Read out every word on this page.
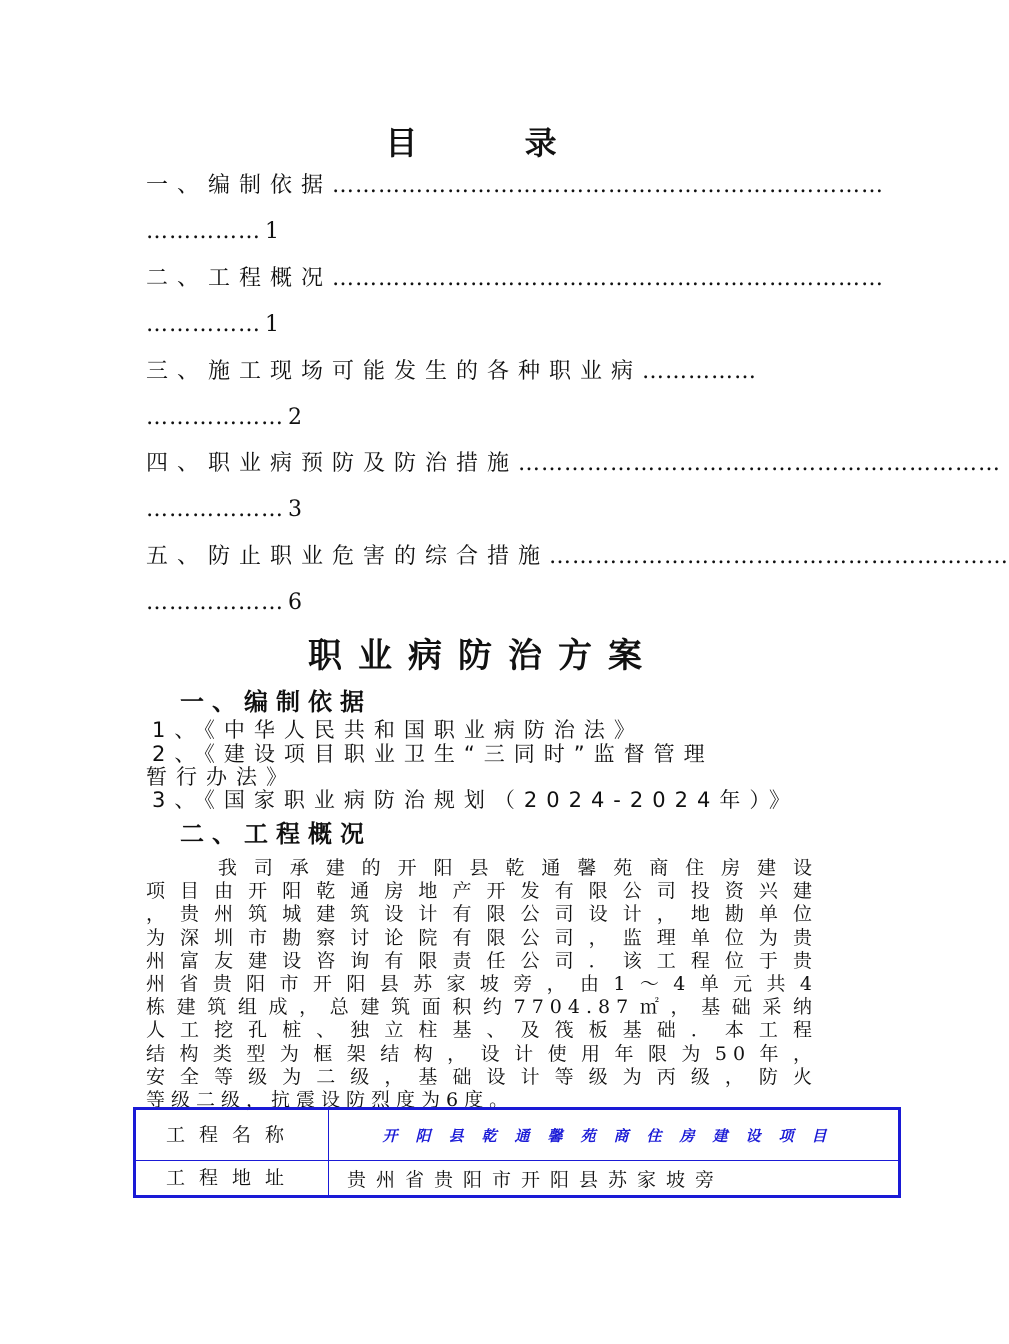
目 录
一、编制依据………………………………………………………………
…………… 1
二、工程概况………………………………………………………………
…………… 1
三、施工现场可能发生的各种职业病……………
……………… 2
四、职业病预防及防治措施………………………………………………………
……………… 3
五、防止职业危害的综合措施……………………………………………………
……………… 6
职业病防治方案
一、编制依据
1、《中华人民共和国职业病防治法》
2、《建设项目职业卫生“三同时”监督管理
暂行办法》
3、《国家职业病防治规划（2024-2024年）》
二、工程概况
　　我司承建的开阳县乾通馨苑商住房建设
项目由开阳乾通房地产开发有限公司投资兴建
，贵州筑城建筑设计有限公司设计，地勘单位
为深圳市勘察讨论院有限公司，监理单位为贵
州富友建设咨询有限责任公司．该工程位于贵
州省贵阳市开阳县苏家坡旁，由1～4单元共4
栋建筑组成，总建筑面积约7704.87㎡，基础采纳
人工挖孔桩、独立柱基、及筏板基础．本工程
结构类型为框架结构，设计使用年限为50年，
安全等级为二级，基础设计等级为丙级，防火
等级二级，抗震设防烈度为6度。
工程名称	开阳县乾通馨苑商住房建设项目
工程地址	贵州省贵阳市开阳县苏家坡旁
